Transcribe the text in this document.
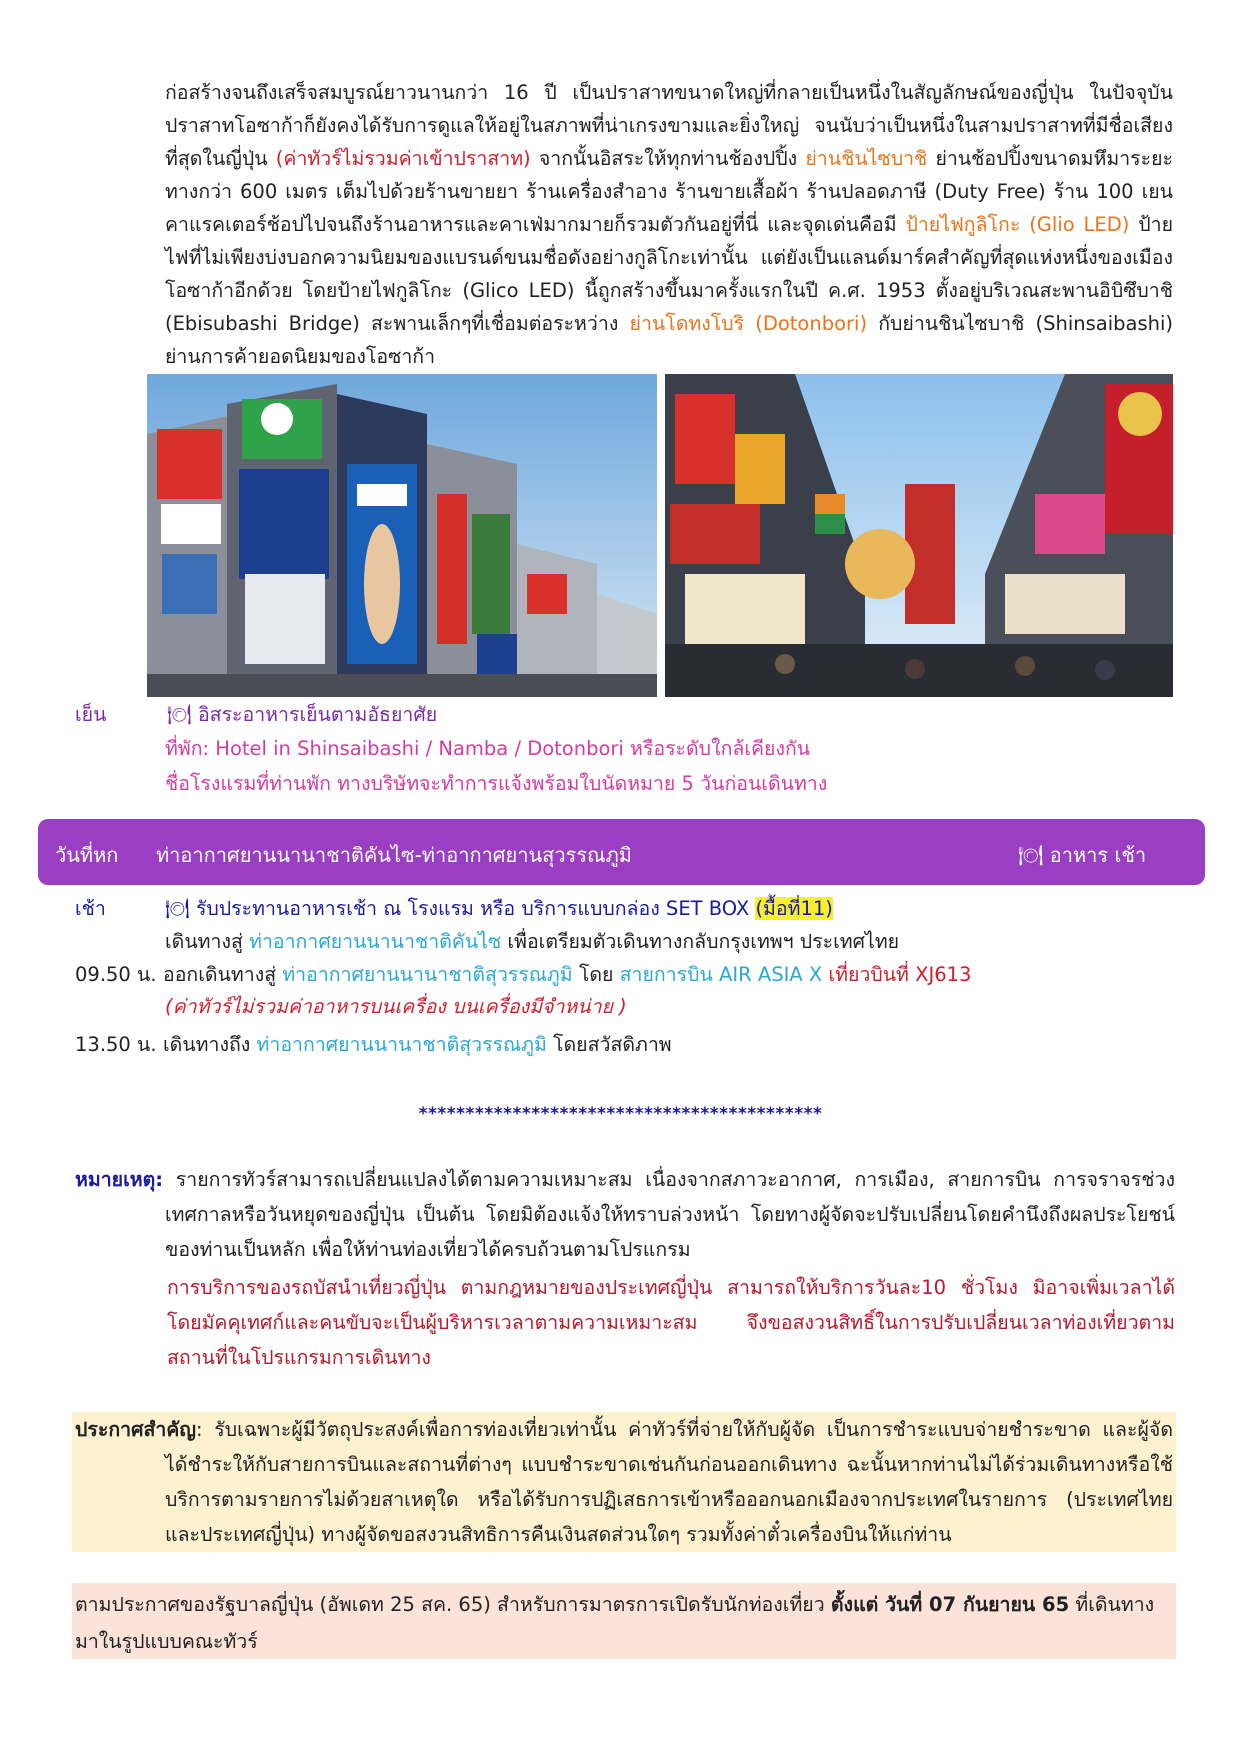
ก่อสร้างจนถึงเสร็จสมบูรณ์ยาวนานกว่า 16 ปี เป็นปราสาทขนาดใหญ่ที่กลายเป็นหนึ่งในสัญลักษณ์ของญี่ปุ่น ในปัจจุบัน ปราสาทโอซาก้าก็ยังคงได้รับการดูแลให้อยู่ในสภาพที่น่าเกรงขามและยิ่งใหญ่ จนนับว่าเป็นหนึ่งในสามปราสาทที่มีชื่อเสียงที่สุดในญี่ปุ่น (ค่าทัวร์ไม่รวมค่าเข้าปราสาท) จากนั้นอิสระให้ทุกท่านช้องปปิ้ง ย่านชินไซบาชิ ย่านช้อปปิ้งขนาดมหึมาระยะทางกว่า 600 เมตร เต็มไปด้วยร้านขายยา ร้านเครื่องสำอาง ร้านขายเสื้อผ้า ร้านปลอดภาษี (Duty Free) ร้าน 100 เยน คาแรคเตอร์ช้อปไปจนถึงร้านอาหารและคาเฟ่มากมายก็รวมตัวกันอยู่ที่นี่ และจุดเด่นคือมี ป้ายไฟกูลิโกะ (Glio LED) ป้ายไฟที่ไม่เพียงบ่งบอกความนิยมของแบรนด์ขนมชื่อดังอย่างกูลิโกะเท่านั้น แต่ยังเป็นแลนด์มาร์คสำคัญที่สุดแห่งหนึ่งของเมืองโอซาก้าอีกด้วย โดยป้ายไฟกูลิโกะ (Glico LED) นี้ถูกสร้างขึ้นมาครั้งแรกในปี ค.ศ. 1953 ตั้งอยู่บริเวณสะพานอิบิซึบาชิ (Ebisubashi Bridge) สะพานเล็กๆที่เชื่อมต่อระหว่าง ย่านโดทงโบริ (Dotonbori) กับย่านชินไซบาชิ (Shinsaibashi) ย่านการค้ายอดนิยมของโอซาก้า
เย็น	🍽 อิสระอาหารเย็นตามอัธยาศัย
ที่พัก: Hotel in Shinsaibashi / Namba / Dotonbori หรือระดับใกล้เคียงกัน
ชื่อโรงแรมที่ท่านพัก ทางบริษัทจะทำการแจ้งพร้อมใบนัดหมาย 5 วันก่อนเดินทาง
วันที่หก ท่าอากาศยานนานาชาติคันไซ-ท่าอากาศยานสุวรรณภูมิ	🍽 อาหาร เช้า
เช้า	🍽 รับประทานอาหารเช้า ณ โรงแรม หรือ บริการแบบกล่อง SET BOX (มื้อที่11)
เดินทางสู่ ท่าอากาศยานนานาชาติคันไซ เพื่อเตรียมตัวเดินทางกลับกรุงเทพฯ ประเทศไทย
09.50 น. ออกเดินทางสู่ ท่าอากาศยานนานาชาติสุวรรณภูมิ โดย สายการบิน AIR ASIA X เที่ยวบินที่ XJ613
(ค่าทัวร์ไม่รวมค่าอาหารบนเครื่อง บนเครื่องมีจำหน่าย )
13.50 น. เดินทางถึง ท่าอากาศยานนานาชาติสุวรรณภูมิ โดยสวัสดิภาพ
*******************************************
หมายเหตุ: รายการทัวร์สามารถเปลี่ยนแปลงได้ตามความเหมาะสม เนื่องจากสภาวะอากาศ, การเมือง, สายการบิน การจราจรช่วงเทศกาลหรือวันหยุดของญี่ปุ่น เป็นต้น โดยมิต้องแจ้งให้ทราบล่วงหน้า โดยทางผู้จัดจะปรับเปลี่ยนโดยคำนึงถึงผลประโยชน์ของท่านเป็นหลัก เพื่อให้ท่านท่องเที่ยวได้ครบถ้วนตามโปรแกรม
การบริการของรถบัสนำเที่ยวญี่ปุ่น ตามกฎหมายของประเทศญี่ปุ่น สามารถให้บริการวันละ10 ชั่วโมง มิอาจเพิ่มเวลาได้ โดยมัคคุเทศก์และคนขับจะเป็นผู้บริหารเวลาตามความเหมาะสม จึงขอสงวนสิทธิ์ในการปรับเปลี่ยนเวลาท่องเที่ยวตามสถานที่ในโปรแกรมการเดินทาง
ประกาศสำคัญ: รับเฉพาะผู้มีวัตถุประสงค์เพื่อการท่องเที่ยวเท่านั้น ค่าทัวร์ที่จ่ายให้กับผู้จัด เป็นการชำระแบบจ่ายชำระขาด และผู้จัดได้ชำระให้กับสายการบินและสถานที่ต่างๆ แบบชำระขาดเช่นกันก่อนออกเดินทาง ฉะนั้นหากท่านไม่ได้ร่วมเดินทางหรือใช้บริการตามรายการไม่ด้วยสาเหตุใด หรือได้รับการปฏิเสธการเข้าหรือออกนอกเมืองจากประเทศในรายการ (ประเทศไทยและประเทศญี่ปุ่น) ทางผู้จัดขอสงวนสิทธิการคืนเงินสดส่วนใดๆ รวมทั้งค่าตั๋วเครื่องบินให้แก่ท่าน
ตามประกาศของรัฐบาลญี่ปุ่น (อัพเดท 25 สค. 65) สำหรับการมาตรการเปิดรับนักท่องเที่ยว ตั้งแต่ วันที่ 07 กันยายน 65 ที่เดินทางมาในรูปแบบคณะทัวร์
